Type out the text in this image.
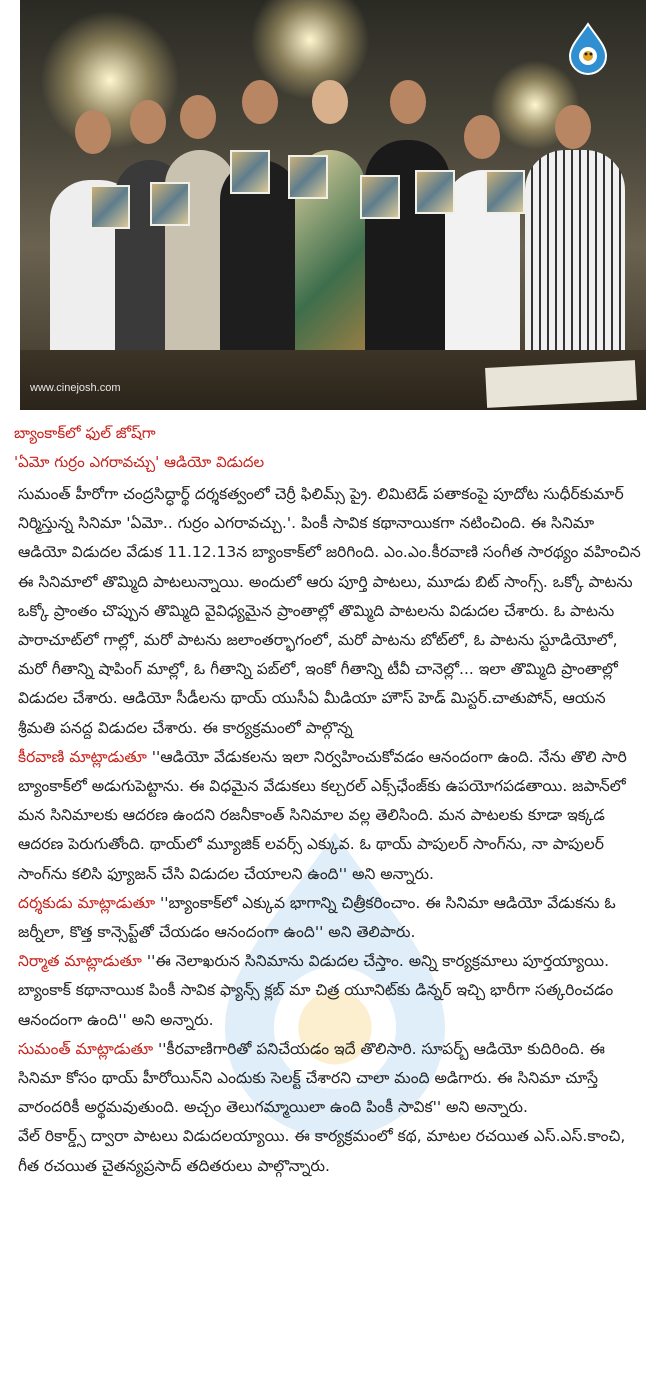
www.cinejosh.com
బ్యాంకాక్‌లో ఫుల్‌ జోష్‌గా
'ఏమో గుర్రం ఎగరావచ్చు' ఆడియో విడుదల

సుమంత్‌ హీరోగా చంద్రసిద్ధార్థ్‌ దర్శకత్వంలో చెర్రీ ఫిలిమ్స్‌ ప్రై. లిమిటెడ్‌ పతాకంపై పూదోట సుధీర్‌కుమార్‌ నిర్మిస్తున్న సినిమా 'ఏమో.. గుర్రం ఎగరావచ్చు.'. పింకీ సావిక కథానాయికగా నటించింది. ఈ సినిమా ఆడియో విడుదల వేడుక 11.12.13న బ్యాంకాక్‌లో జరిగింది. ఎం.ఎం.కీరవాణి సంగీత సారథ్యం వహించిన ఈ సినిమాలో తొమ్మిది పాటలున్నాయి. అందులో ఆరు పూర్తి పాటలు, మూడు బిట్‌ సాంగ్స్‌. ఒక్కో పాటను ఒక్కో ప్రాంతం చొప్పున తొమ్మిది వైవిధ్యమైన ప్రాంతాల్లో తొమ్మిది పాటలను విడుదల చేశారు. ఓ పాటను పారాచూట్‌లో గాల్లో, మరో పాటను జలాంతర్భాగంలో, మరో పాటను బోట్‌లో, ఓ పాటను స్టూడియోలో, మరో గీతాన్ని షాపింగ్‌ మాల్లో, ఓ గీతాన్ని పబ్‌లో, ఇంకో గీతాన్ని టీవీ చానెల్లో... ఇలా తొమ్మిది ప్రాంతాల్లో విడుదల చేశారు. ఆడియో సీడీలను థాయ్‌ యుసీఏ మీడియా హౌస్‌ హెడ్‌ మిస్టర్‌.చాతుపోన్‌, ఆయన శ్రీమతి పనద్ద విడుదల చేశారు. ఈ కార్యక్రమంలో పాల్గొన్న

కీరవాణి మాట్లాడుతూ ''ఆడియో వేడుకలను ఇలా నిర్వహించుకోవడం ఆనందంగా ఉంది. నేను తొలి సారి బ్యాంకాక్‌లో అడుగుపెట్టాను. ఈ విధమైన వేడుకలు కల్చరల్‌ ఎక్స్‌ఛేంజ్‌కు ఉపయోగపడతాయి. జపాన్‌లో మన సినిమాలకు ఆదరణ ఉందని రజనీకాంత్‌ సినిమాల వల్ల తెలిసింది. మన పాటలకు కూడా ఇక్కడ ఆదరణ పెరుగుతోంది. థాయ్‌లో మ్యూజిక్‌ లవర్స్‌ ఎక్కువ. ఓ థాయ్‌ పాపులర్‌ సాంగ్‌ను, నా పాపులర్‌ సాంగ్‌ను కలిసి ఫ్యూజన్‌ చేసి విడుదల చేయాలని ఉంది'' అని అన్నారు.

దర్శకుడు మాట్లాడుతూ ''బ్యాంకాక్‌లో ఎక్కువ భాగాన్ని చిత్రీకరించాం. ఈ సినిమా ఆడియో వేడుకను ఓ జర్నీలా, కొత్త కాన్సెప్ట్‌తో చేయడం ఆనందంగా ఉంది'' అని తెలిపారు.

నిర్మాత మాట్లాడుతూ ''ఈ నెలాఖరున సినిమాను విడుదల చేస్తాం. అన్ని కార్యక్రమాలు పూర్తయ్యాయి. బ్యాంకాక్‌ కథానాయిక పింకీ సావిక ఫ్యాన్స్‌ క్లబ్‌ మా చిత్ర యూనిట్‌కు డిన్నర్‌ ఇచ్చి భారీగా సత్కరించడం ఆనందంగా ఉంది'' అని అన్నారు.

సుమంత్‌ మాట్లాడుతూ ''కీరవాణిగారితో పనిచేయడం ఇదే తొలిసారి. సూపర్బ్‌ ఆడియో కుదిరింది. ఈ సినిమా కోసం థాయ్‌ హీరోయిన్‌ని ఎందుకు సెలక్ట్‌ చేశారని చాలా మంది అడిగారు. ఈ సినిమా చూస్తే వారందరికీ అర్థమవుతుంది. అచ్చం తెలుగమ్మాయిలా ఉంది పింకీ సావిక'' అని అన్నారు.

వేల్‌ రికార్డ్స్‌ ద్వారా పాటలు విడుదలయ్యాయి. ఈ కార్యక్రమంలో కథ, మాటల రచయిత ఎస్‌.ఎస్‌.కాంచి, గీత రచయిత చైతన్యప్రసాద్‌ తదితరులు పాల్గొన్నారు.
